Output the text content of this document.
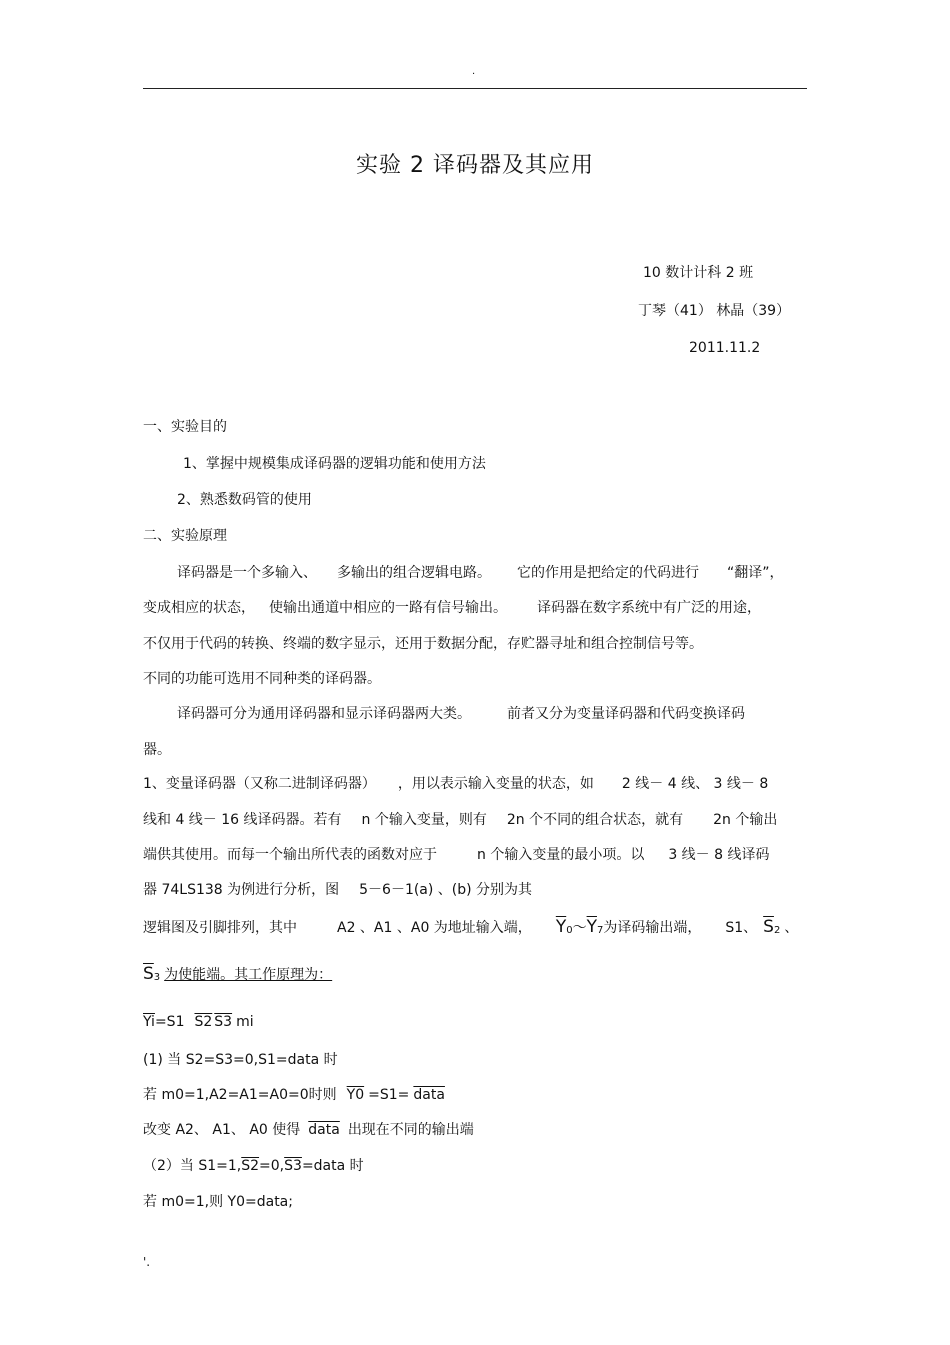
.
实验 2 译码器及其应用
10 数计计科 2 班
丁琴（41） 林晶（39）
2011.11.2
一、实验目的
1、掌握中规模集成译码器的逻辑功能和使用方法
2、熟悉数码管的使用
二、实验原理
译码器是一个多输入、 多输出的组合逻辑电路。 它的作用是把给定的代码进行 “翻译”，
变成相应的状态， 使输出通道中相应的一路有信号输出。 译码器在数字系统中有广泛的用途，
不仅用于代码的转换、终端的数字显示，还用于数据分配，存贮器寻址和组合控制信号等。
不同的功能可选用不同种类的译码器。
译码器可分为通用译码器和显示译码器两大类。	前者又分为变量译码器和代码变换译码
器。
1、变量译码器（又称二进制译码器） ，用以表示输入变量的状态，如 2 线－ 4 线、 3 线－ 8
线和 4 线－ 16 线译码器。若有 n 个输入变量，则有 2n 个不同的组合状态，就有 2n 个输出
端供其使用。而每一个输出所代表的函数对应于	n 个输入变量的最小项。以 3 线－ 8 线译码
器 74LS138 为例进行分析，图 5－6－1(a) 、(b) 分别为其
逻辑图及引脚排列，其中	A2 、A1 、A0 为地址输入端， $\overline{Y}0\sim\overline{Y}7$为译码输出端， S1、 $\overline{S}2$ 、
$\overline{S}3$ 为使能端。其工作原理为：
$\overline{Yi}=S1$ S2 S3 mi
(1) 当 S2=S3=0,S1=data 时
若 m0=1,A2=A1=A0=0时则 Y0 =S1= data
改变 A2、 A1、 A0 使得 data 出现在不同的输出端
（2）当 S1=1,S2=0,S3=data 时
若 m0=1,则 Y0=data;
'.
